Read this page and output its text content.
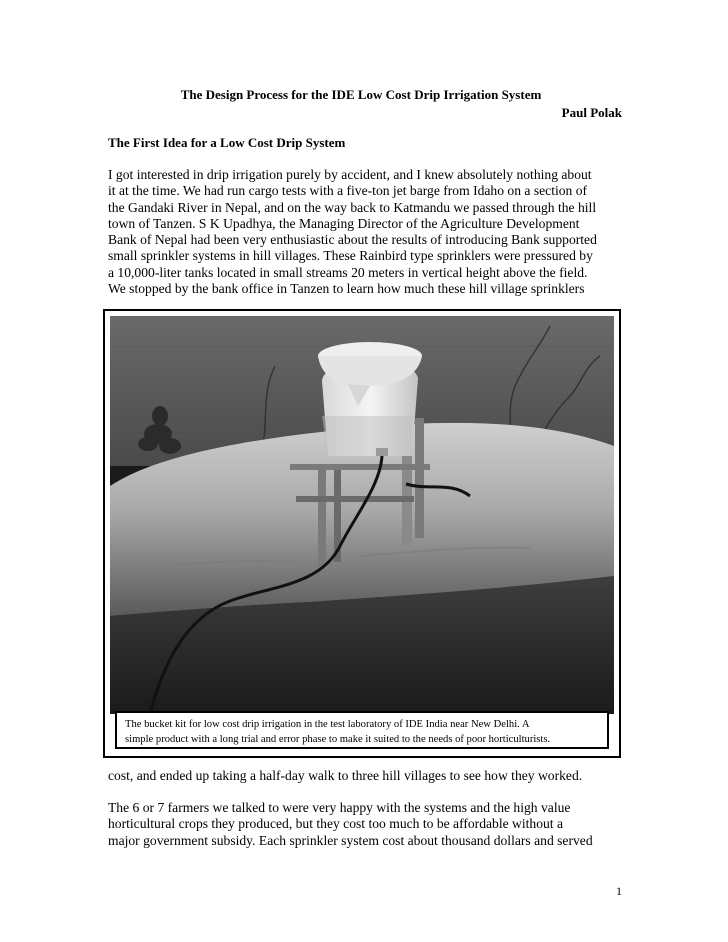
The Design Process for the IDE Low Cost Drip Irrigation System
Paul Polak
The First Idea for a Low Cost Drip System
I got interested in drip irrigation purely by accident, and I knew absolutely nothing about
it at the time. We had run cargo tests with a five-ton jet barge from Idaho on a section of
the Gandaki River in Nepal, and on the way back to Katmandu we passed through the hill
town of Tanzen. S K Upadhya, the Managing Director of the Agriculture Development
Bank of Nepal had been very enthusiastic about the results of introducing Bank supported
small sprinkler systems in hill villages. These Rainbird type sprinklers were pressured by
a 10,000-liter tanks located in small streams 20 meters in vertical height above the field.
We stopped by the bank office in Tanzen to learn how much these hill village sprinklers
The bucket kit for low cost drip irrigation in the test laboratory of IDE India near New Delhi. A
simple product with a long trial and error phase to make it suited to the needs of poor horticulturists.
cost, and ended up taking a half-day walk to three hill villages to see how they worked.
The 6 or 7 farmers we talked to were very happy with the systems and the high value
horticultural crops they produced, but they cost too much to be affordable without a
major government subsidy. Each sprinkler system cost about thousand dollars and served
1
